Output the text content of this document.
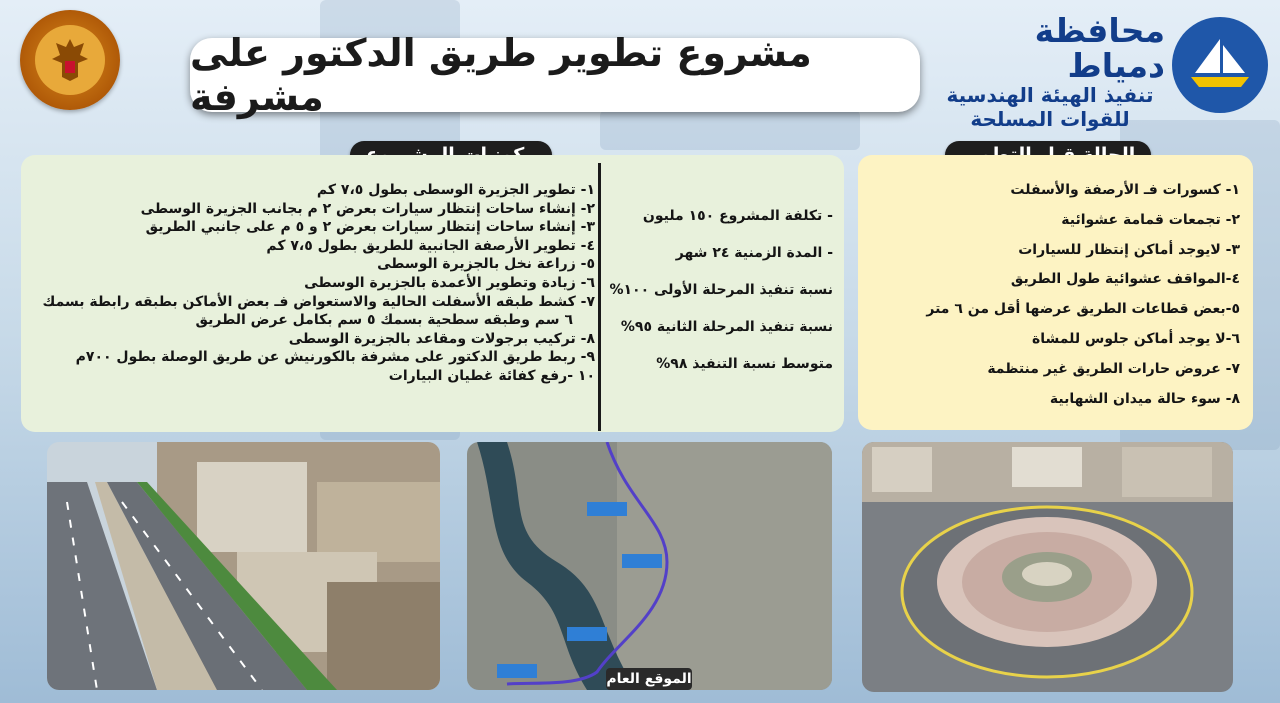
مشروع تطوير طريق الدكتور على مشرفة
محافظة دمياط
تنفيذ الهيئة الهندسية
للقوات المسلحة
١- تطوير الجزيرة الوسطى بطول ٧،٥ كم
٢- إنشاء ساحات إنتظار سيارات بعرض ٢ م بجانب الجزيرة الوسطى
٣- إنشاء ساحات إنتظار سيارات بعرض ٢ و ٥ م على جانبي الطريق
٤- تطوير الأرصفة الجانبية للطريق بطول ٧،٥ كم
٥- زراعة نخل بالجزيرة الوسطى
٦- زيادة وتطوير الأعمدة بالجزيرة الوسطى
٧- كشط طبقه الأسفلت الحالية والاستعواض فـ بعض الأماكن بطبقه رابطة بسمك
٦ سم وطبقه سطحية بسمك ٥ سم بكامل عرض الطريق
٨- تركيب برجولات ومقاعد بالجزيرة الوسطى
٩- ربط طريق الدكتور على مشرفة بالكورنيش عن طريق الوصلة بطول ٧٠٠م
١٠ -رفع كفائة غطيان البيارات
- تكلفة المشروع ١٥٠ مليون
- المدة الزمنية ٢٤ شهر
نسبة تنفيذ المرحلة الأولى ١٠٠%
نسبة تنفيذ المرحلة الثانية ٩٥%
متوسط نسبة التنفيذ ٩٨%
١- كسورات فـ الأرصفة والأسفلت
٢- تجمعات قمامة عشوائية
٣- لايوجد أماكن إنتظار للسيارات
٤-المواقف عشوائية طول الطريق
٥-بعض قطاعات الطريق عرضها أقل من ٦ متر
٦-لا يوجد أماكن جلوس للمشاة
٧- عروض حارات الطريق غير منتظمة
٨- سوء حالة ميدان الشهابية
الموقع العام
